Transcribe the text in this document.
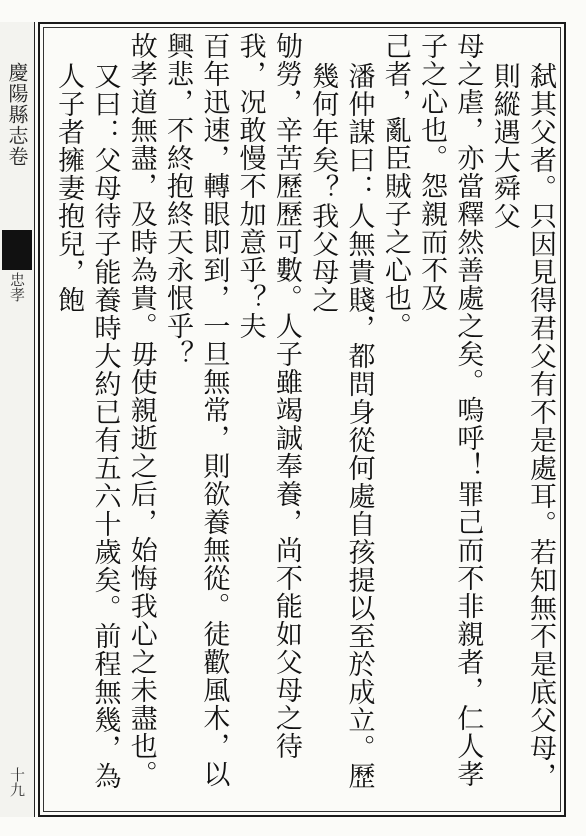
慶陽縣志卷
忠孝
十九	弑其父者。只因見得君父有不是處耳。若知無不是底父母，則縱遇大舜父
母之虐，亦當釋然善處之矣。嗚呼！罪己而不非親者，仁人孝子之心也。怨親而不及
己者，亂臣賊子之心也。
潘仲謀曰：人無貴賤，都問身從何處自孩提以至於成立。歷幾何年矣？我父母之
劬勞，辛苦歷歷可數。人子雖竭誠奉養，尚不能如父母之待我，况敢慢不加意乎？夫
百年迅速，轉眼即到，一旦無常，則欲養無從。徒歡風木，以興悲，不終抱終天永恨乎？
故孝道無盡，及時為貴。毋使親逝之后，始悔我心之未盡也。
又曰：父母待子能養時大約已有五六十歲矣。前程無幾，為人子者擁妻抱兒，飽
